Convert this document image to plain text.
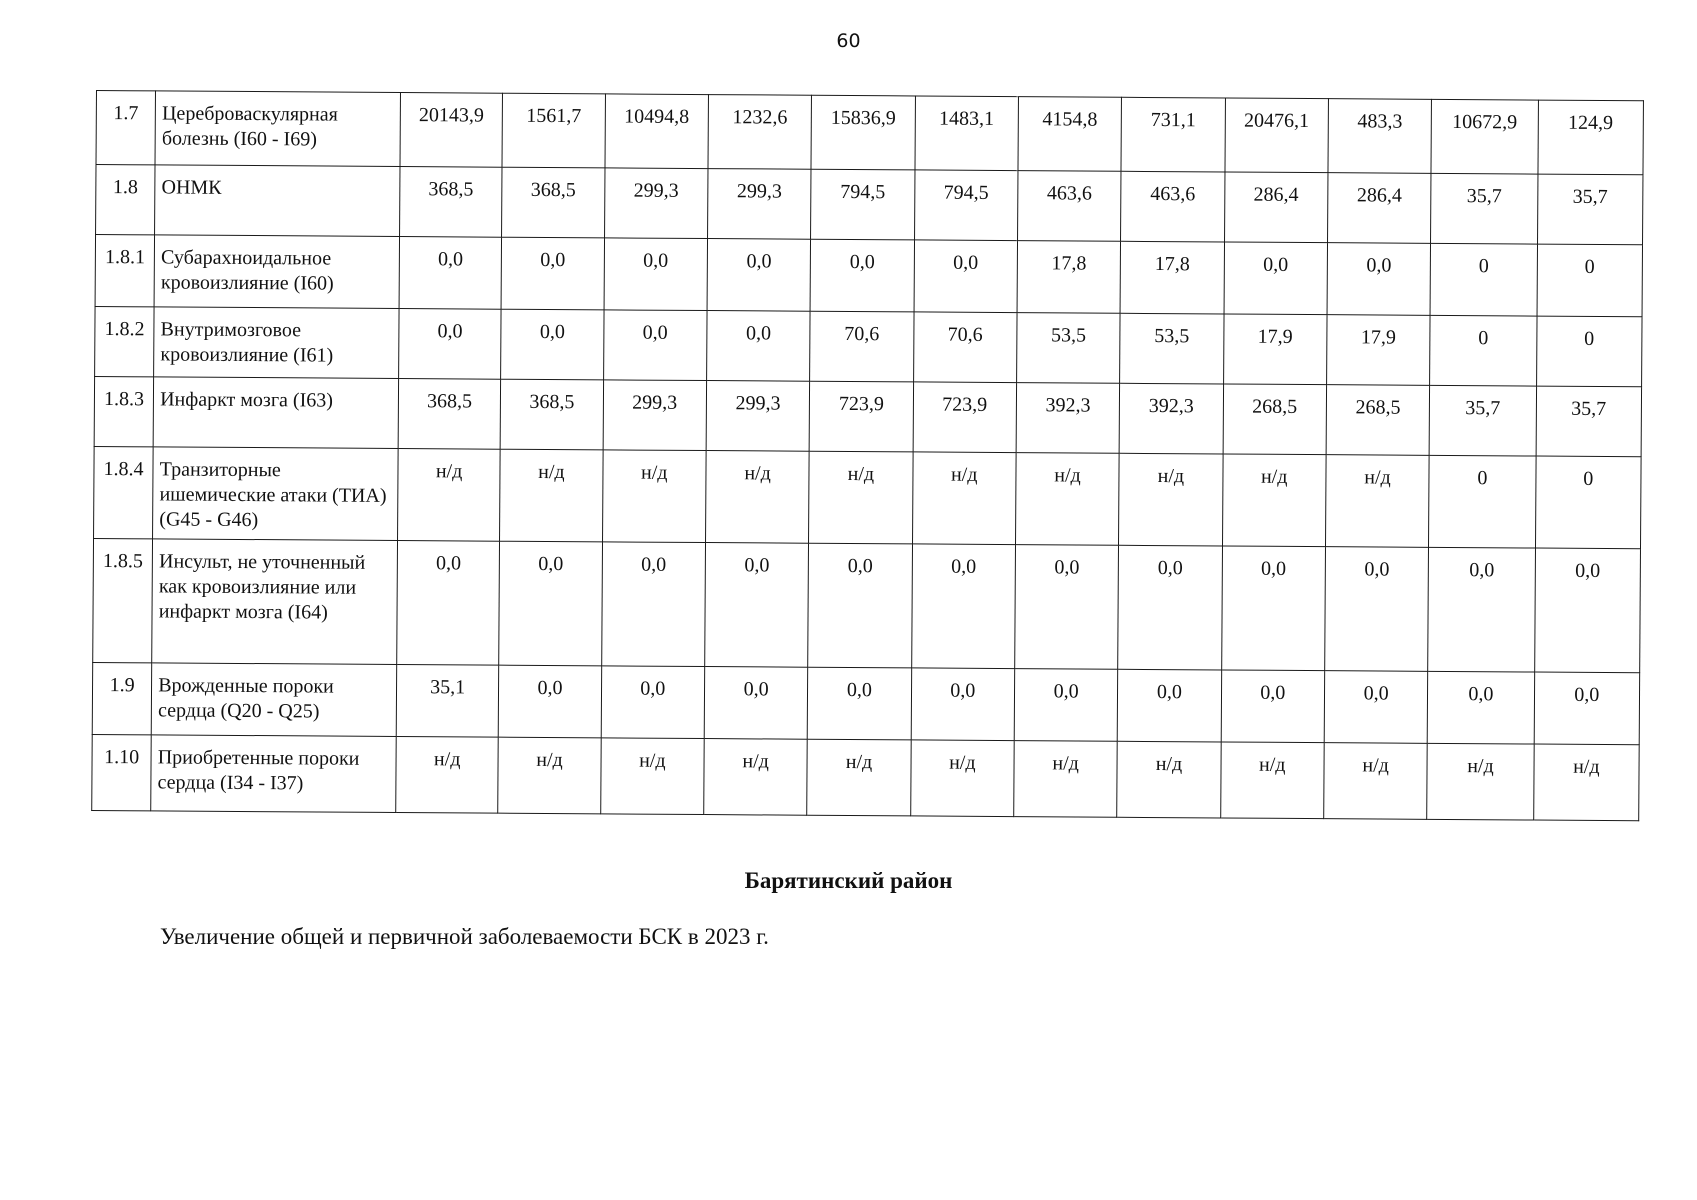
60
1.7	Цереброваскулярная болезнь (I60 - I69)	20143,9	1561,7	10494,8	1232,6	15836,9	1483,1	4154,8	731,1	20476,1	483,3	10672,9	124,9
1.8	ОНМК	368,5	368,5	299,3	299,3	794,5	794,5	463,6	463,6	286,4	286,4	35,7	35,7
1.8.1	Субарахноидальное кровоизлияние (I60)	0,0	0,0	0,0	0,0	0,0	0,0	17,8	17,8	0,0	0,0	0	0
1.8.2	Внутримозговое кровоизлияние (I61)	0,0	0,0	0,0	0,0	70,6	70,6	53,5	53,5	17,9	17,9	0	0
1.8.3	Инфаркт мозга (I63)	368,5	368,5	299,3	299,3	723,9	723,9	392,3	392,3	268,5	268,5	35,7	35,7
1.8.4	Транзиторные ишемические атаки (ТИА) (G45 - G46)	н/д	н/д	н/д	н/д	н/д	н/д	н/д	н/д	н/д	н/д	0	0
1.8.5	Инсульт, не уточненный как кровоизлияние или инфаркт мозга (I64)	0,0	0,0	0,0	0,0	0,0	0,0	0,0	0,0	0,0	0,0	0,0	0,0
1.9	Врожденные пороки сердца (Q20 - Q25)	35,1	0,0	0,0	0,0	0,0	0,0	0,0	0,0	0,0	0,0	0,0	0,0
1.10	Приобретенные пороки сердца (I34 - I37)	н/д	н/д	н/д	н/д	н/д	н/д	н/д	н/д	н/д	н/д	н/д	н/д
Барятинский район
Увеличение общей и первичной заболеваемости БСК в 2023 г.
